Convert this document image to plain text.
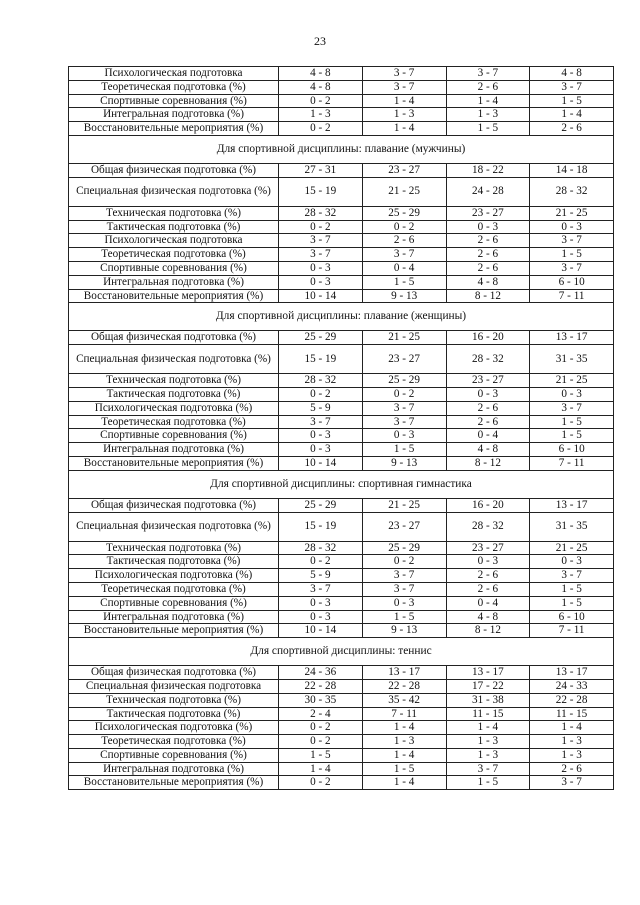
23
Психологическая подготовка	4 - 8	3 - 7	3 - 7	4 - 8
Теоретическая подготовка (%)	4 - 8	3 - 7	2 - 6	3 - 7
Спортивные соревнования (%)	0 - 2	1 - 4	1 - 4	1 - 5
Интегральная подготовка (%)	1 - 3	1 - 3	1 - 3	1 - 4
Восстановительные мероприятия (%)	0 - 2	1 - 4	1 - 5	2 - 6
Для спортивной дисциплины: плавание (мужчины)				
Общая физическая подготовка (%)	27 - 31	23 - 27	18 - 22	14 - 18
Специальная физическая подготовка (%)	15 - 19	21 - 25	24 - 28	28 - 32
Техническая подготовка (%)	28 - 32	25 - 29	23 - 27	21 - 25
Тактическая подготовка (%)	0 - 2	0 - 2	0 - 3	0 - 3
Психологическая подготовка	3 - 7	2 - 6	2 - 6	3 - 7
Теоретическая подготовка (%)	3 - 7	3 - 7	2 - 6	1 - 5
Спортивные соревнования (%)	0 - 3	0 - 4	2 - 6	3 - 7
Интегральная подготовка (%)	0 - 3	1 - 5	4 - 8	6 - 10
Восстановительные мероприятия (%)	10 - 14	9 - 13	8 - 12	7 - 11
Для спортивной дисциплины: плавание (женщины)				
Общая физическая подготовка (%)	25 - 29	21 - 25	16 - 20	13 - 17
Специальная физическая подготовка (%)	15 - 19	23 - 27	28 - 32	31 - 35
Техническая подготовка (%)	28 - 32	25 - 29	23 - 27	21 - 25
Тактическая подготовка (%)	0 - 2	0 - 2	0 - 3	0 - 3
Психологическая подготовка (%)	5 - 9	3 - 7	2 - 6	3 - 7
Теоретическая подготовка (%)	3 - 7	3 - 7	2 - 6	1 - 5
Спортивные соревнования (%)	0 - 3	0 - 3	0 - 4	1 - 5
Интегральная подготовка (%)	0 - 3	1 - 5	4 - 8	6 - 10
Восстановительные мероприятия (%)	10 - 14	9 - 13	8 - 12	7 - 11
Для спортивной дисциплины: спортивная гимнастика				
Общая физическая подготовка (%)	25 - 29	21 - 25	16 - 20	13 - 17
Специальная физическая подготовка (%)	15 - 19	23 - 27	28 - 32	31 - 35
Техническая подготовка (%)	28 - 32	25 - 29	23 - 27	21 - 25
Тактическая подготовка (%)	0 - 2	0 - 2	0 - 3	0 - 3
Психологическая подготовка (%)	5 - 9	3 - 7	2 - 6	3 - 7
Теоретическая подготовка (%)	3 - 7	3 - 7	2 - 6	1 - 5
Спортивные соревнования (%)	0 - 3	0 - 3	0 - 4	1 - 5
Интегральная подготовка (%)	0 - 3	1 - 5	4 - 8	6 - 10
Восстановительные мероприятия (%)	10 - 14	9 - 13	8 - 12	7 - 11
Для спортивной дисциплины: теннис				
Общая физическая подготовка (%)	24 - 36	13 - 17	13 - 17	13 - 17
Специальная физическая подготовка	22 - 28	22 - 28	17 - 22	24 - 33
Техническая подготовка (%)	30 - 35	35 - 42	31 - 38	22 - 28
Тактическая подготовка (%)	2 - 4	7 - 11	11 - 15	11 - 15
Психологическая подготовка (%)	0 - 2	1 - 4	1 - 4	1 - 4
Теоретическая подготовка (%)	0 - 2	1 - 3	1 - 3	1 - 3
Спортивные соревнования (%)	1 - 5	1 - 4	1 - 3	1 - 3
Интегральная подготовка (%)	1 - 4	1 - 5	3 - 7	2 - 6
Восстановительные мероприятия (%)	0 - 2	1 - 4	1 - 5	3 - 7
